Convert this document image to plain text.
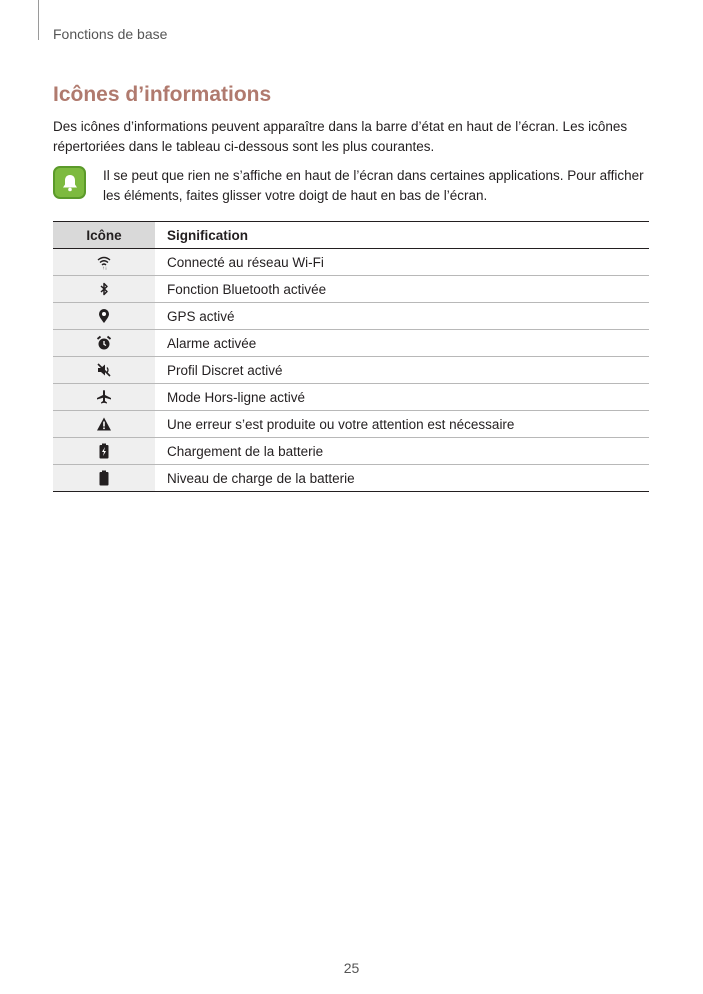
Fonctions de base
Icônes d’informations
Des icônes d’informations peuvent apparaître dans la barre d’état en haut de l’écran. Les icônes répertoriées dans le tableau ci-dessous sont les plus courantes.
Il se peut que rien ne s’affiche en haut de l’écran dans certaines applications. Pour afficher les éléments, faites glisser votre doigt de haut en bas de l’écran.
Icône	Signification

↑↓	Connecté au réseau Wi-Fi
	Fonction Bluetooth activée
	GPS activé
	Alarme activée
	Profil Discret activé
	Mode Hors-ligne activé
	Une erreur s’est produite ou votre attention est nécessaire
	Chargement de la batterie
	Niveau de charge de la batterie
25
